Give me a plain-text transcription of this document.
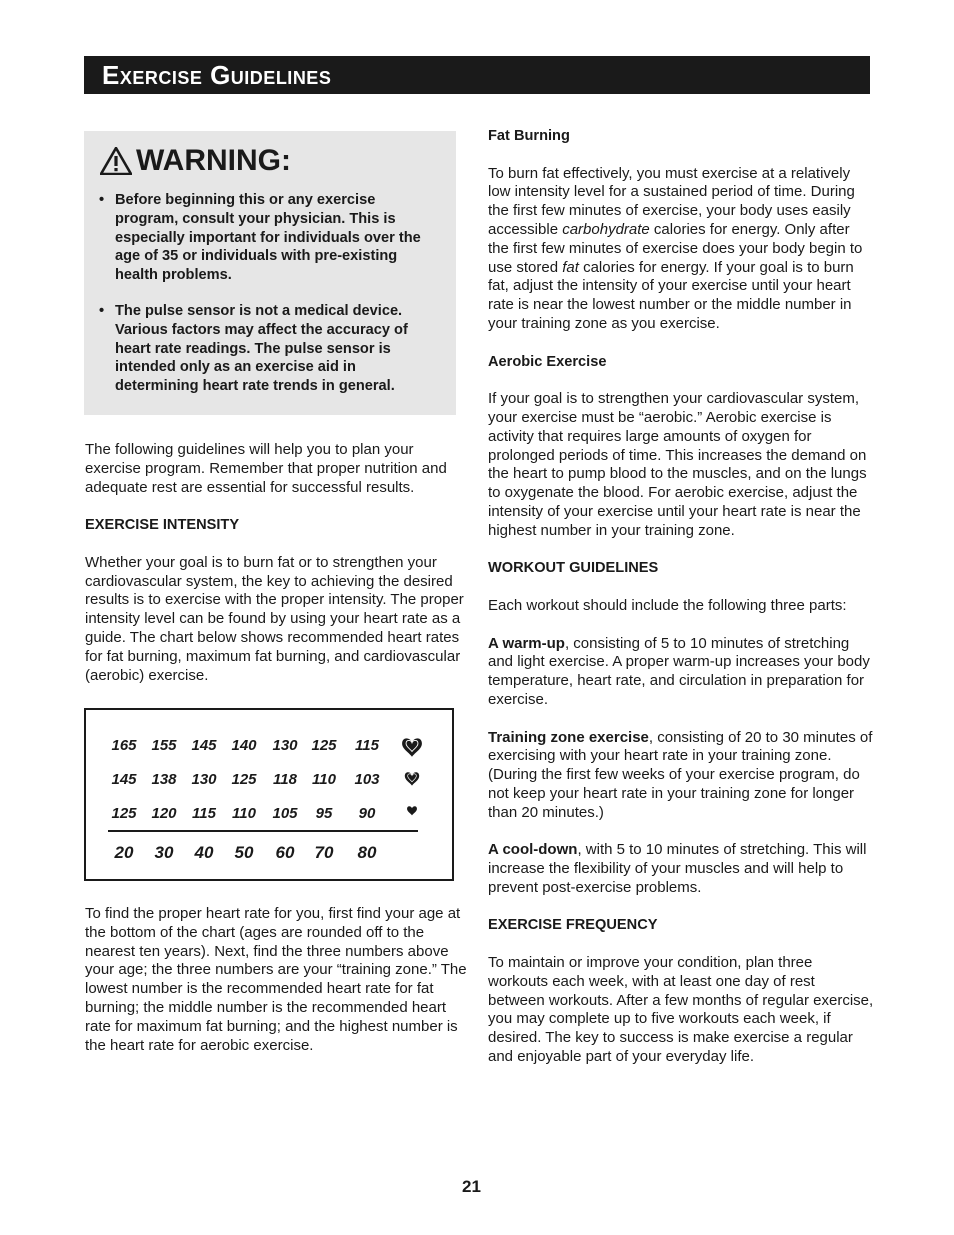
Exercise Guidelines
WARNING:
• Before beginning this or any exercise program, consult your physician. This is especially important for individuals over the age of 35 or individuals with pre-existing health problems.
• The pulse sensor is not a medical device. Various factors may affect the accuracy of heart rate readings. The pulse sensor is intended only as an exercise aid in determining heart rate trends in general.

The following guidelines will help you to plan your exercise program. Remember that proper nutrition and adequate rest are essential for successful results.

EXERCISE INTENSITY

Whether your goal is to burn fat or to strengthen your cardiovascular system, the key to achieving the desired results is to exercise with the proper intensity. The proper intensity level can be found by using your heart rate as a guide. The chart below shows recommended heart rates for fat burning, maximum fat burning, and cardiovascular (aerobic) exercise.

165 155 145 140 130 125 115
145 138 130 125 118 110 103
125 120 115 110 105 95 90
20 30 40 50 60 70 80

To find the proper heart rate for you, first find your age at the bottom of the chart (ages are rounded off to the nearest ten years). Next, find the three numbers above your age; the three numbers are your “training zone.” The lowest number is the recommended heart rate for fat burning; the middle number is the recommended heart rate for maximum fat burning; and the highest number is the heart rate for aerobic exercise.

Fat Burning

To burn fat effectively, you must exercise at a relatively low intensity level for a sustained period of time. During the first few minutes of exercise, your body uses easily accessible carbohydrate calories for energy. Only after the first few minutes of exercise does your body begin to use stored fat calories for energy. If your goal is to burn fat, adjust the intensity of your exercise until your heart rate is near the lowest number or the middle number in your training zone as you exercise.

Aerobic Exercise

If your goal is to strengthen your cardiovascular system, your exercise must be “aerobic.” Aerobic exercise is activity that requires large amounts of oxygen for prolonged periods of time. This increases the demand on the heart to pump blood to the muscles, and on the lungs to oxygenate the blood. For aerobic exercise, adjust the intensity of your exercise until your heart rate is near the highest number in your training zone.

WORKOUT GUIDELINES

Each workout should include the following three parts:

A warm-up, consisting of 5 to 10 minutes of stretching and light exercise. A proper warm-up increases your body temperature, heart rate, and circulation in preparation for exercise.

Training zone exercise, consisting of 20 to 30 minutes of exercising with your heart rate in your training zone. (During the first few weeks of your exercise program, do not keep your heart rate in your training zone for longer than 20 minutes.)

A cool-down, with 5 to 10 minutes of stretching. This will increase the flexibility of your muscles and will help to prevent post-exercise problems.

EXERCISE FREQUENCY

To maintain or improve your condition, plan three workouts each week, with at least one day of rest between workouts. After a few months of regular exercise, you may complete up to five workouts each week, if desired. The key to success is make exercise a regular and enjoyable part of your everyday life.

21
